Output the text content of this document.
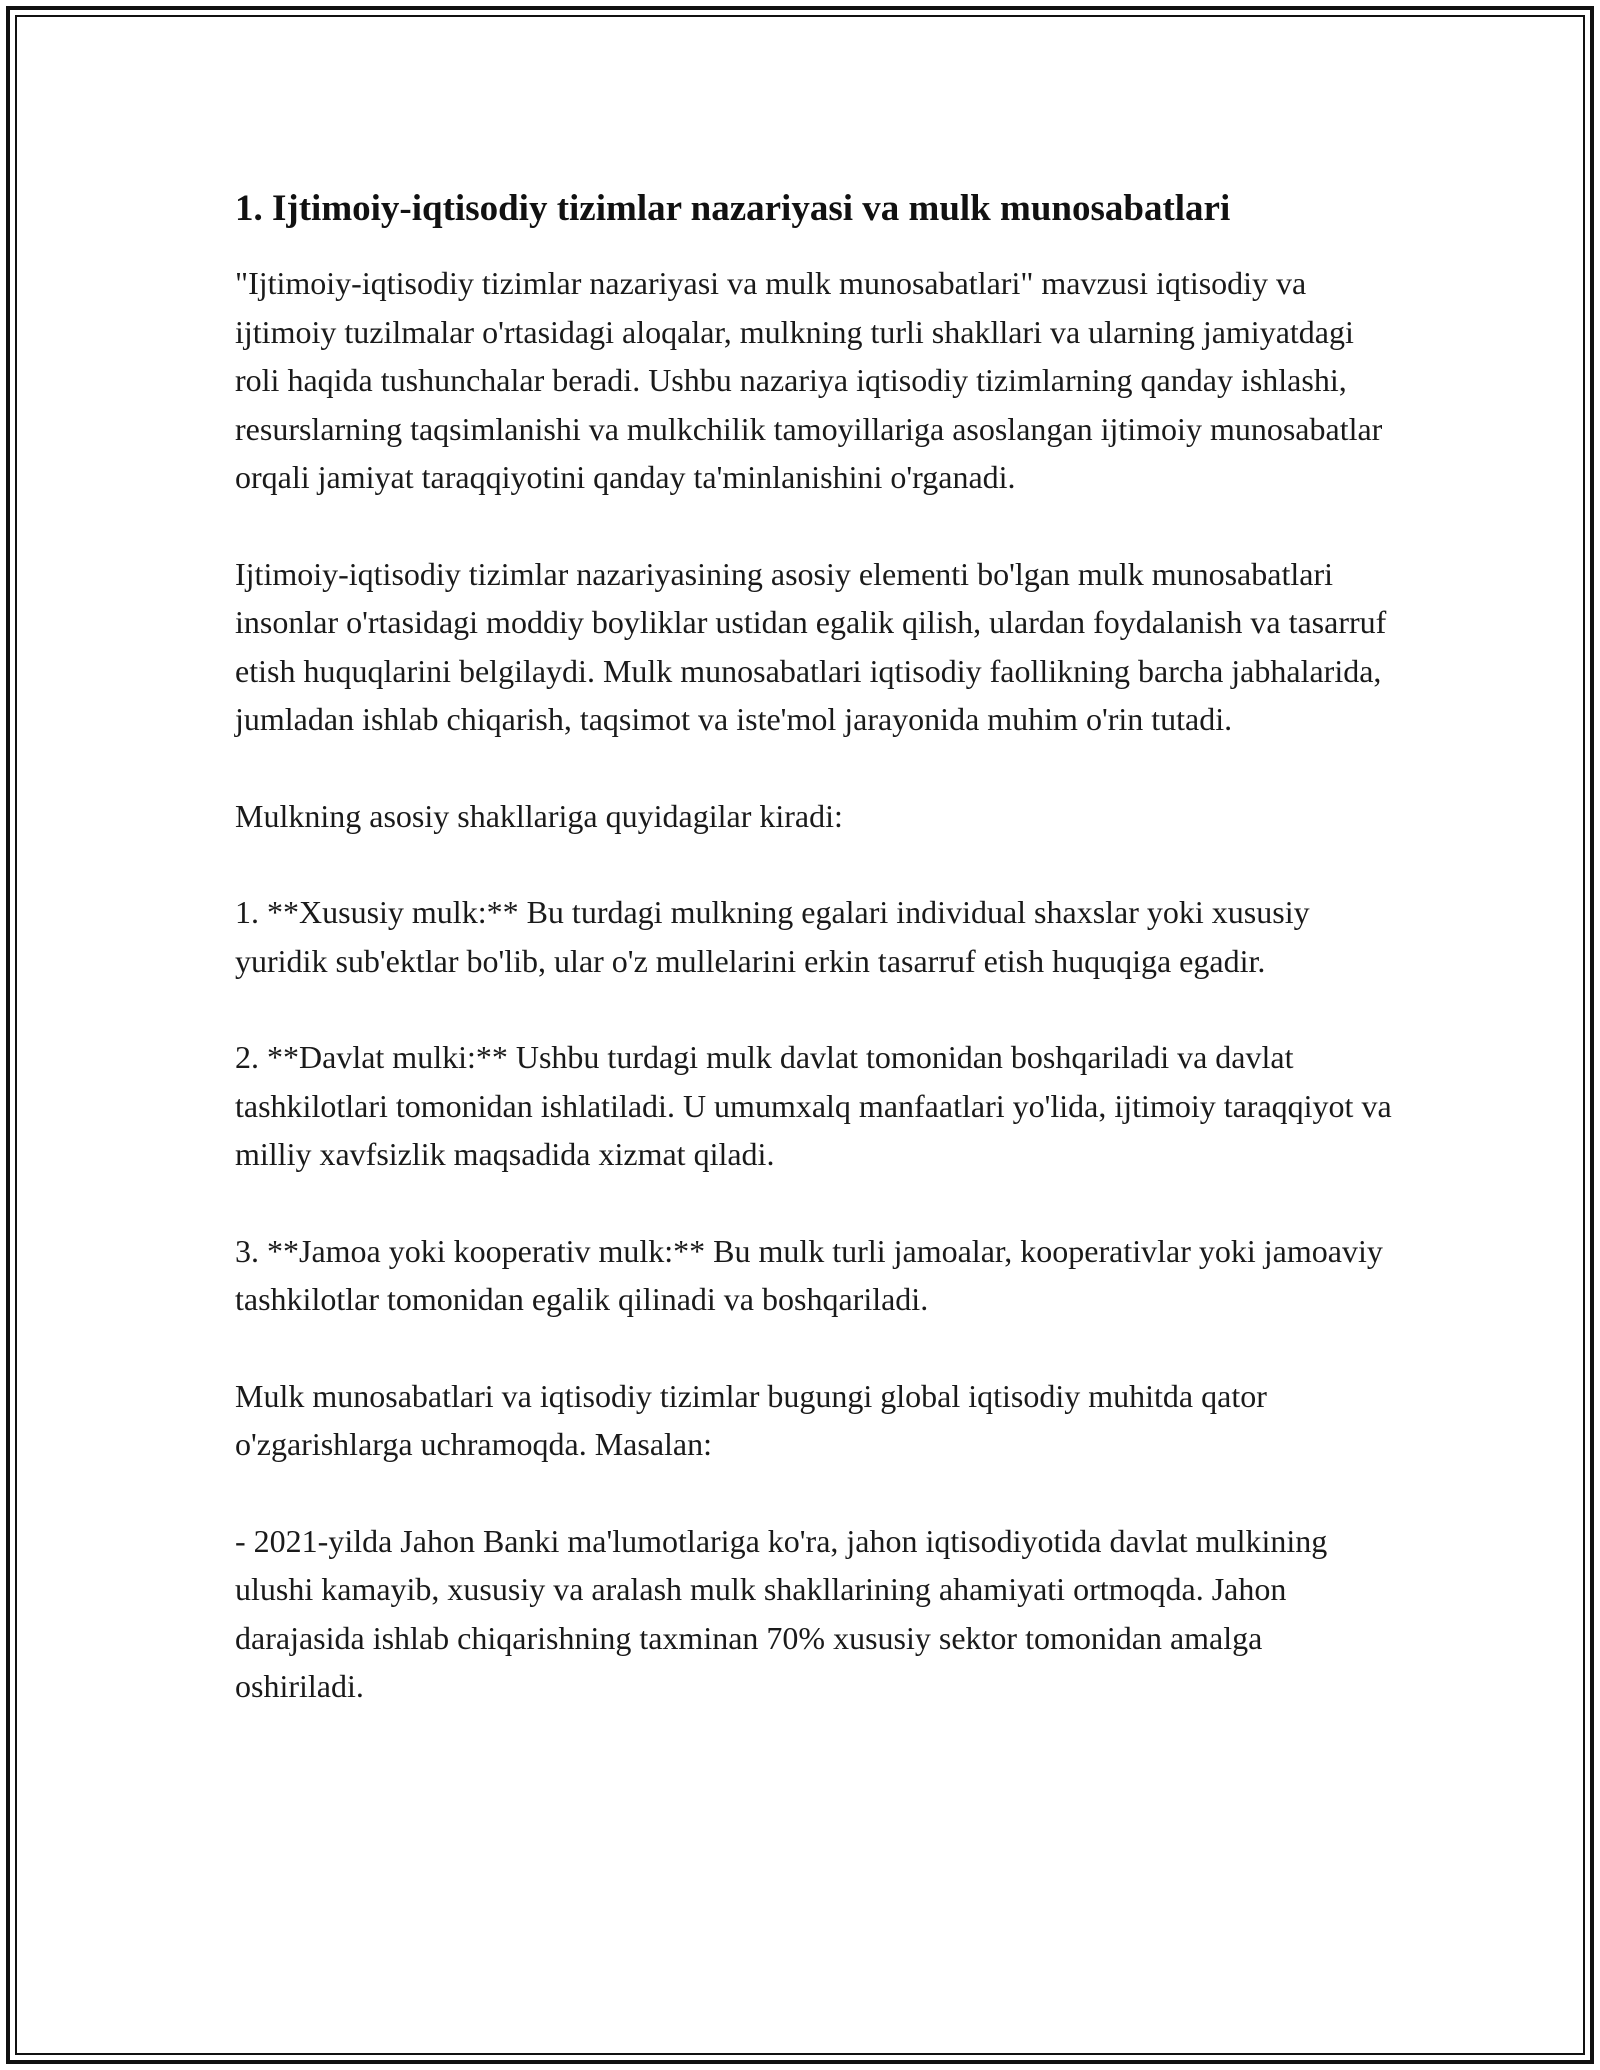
1. Ijtimoiy-iqtisodiy tizimlar nazariyasi va mulk munosabatlari

"Ijtimoiy-iqtisodiy tizimlar nazariyasi va mulk munosabatlari" mavzusi iqtisodiy va ijtimoiy tuzilmalar o'rtasidagi aloqalar, mulkning turli shakllari va ularning jamiyatdagi roli haqida tushunchalar beradi. Ushbu nazariya iqtisodiy tizimlarning qanday ishlashi, resurslarning taqsimlanishi va mulkchilik tamoyillariga asoslangan ijtimoiy munosabatlar orqali jamiyat taraqqiyotini qanday ta'minlanishini o'rganadi.

Ijtimoiy-iqtisodiy tizimlar nazariyasining asosiy elementi bo'lgan mulk munosabatlari insonlar o'rtasidagi moddiy boyliklar ustidan egalik qilish, ulardan foydalanish va tasarruf etish huquqlarini belgilaydi. Mulk munosabatlari iqtisodiy faollikning barcha jabhalarida, jumladan ishlab chiqarish, taqsimot va iste'mol jarayonida muhim o'rin tutadi.

Mulkning asosiy shakllariga quyidagilar kiradi:

1. **Xususiy mulk:** Bu turdagi mulkning egalari individual shaxslar yoki xususiy yuridik sub'ektlar bo'lib, ular o'z mullelarini erkin tasarruf etish huquqiga egadir.

2. **Davlat mulki:** Ushbu turdagi mulk davlat tomonidan boshqariladi va davlat tashkilotlari tomonidan ishlatiladi. U umumxalq manfaatlari yo'lida, ijtimoiy taraqqiyot va milliy xavfsizlik maqsadida xizmat qiladi.

3. **Jamoa yoki kooperativ mulk:** Bu mulk turli jamoalar, kooperativlar yoki jamoaviy tashkilotlar tomonidan egalik qilinadi va boshqariladi.

Mulk munosabatlari va iqtisodiy tizimlar bugungi global iqtisodiy muhitda qator o'zgarishlarga uchramoqda. Masalan:

- 2021-yilda Jahon Banki ma'lumotlariga ko'ra, jahon iqtisodiyotida davlat mulkining ulushi kamayib, xususiy va aralash mulk shakllarining ahamiyati ortmoqda. Jahon darajasida ishlab chiqarishning taxminan 70% xususiy sektor tomonidan amalga oshiriladi.
